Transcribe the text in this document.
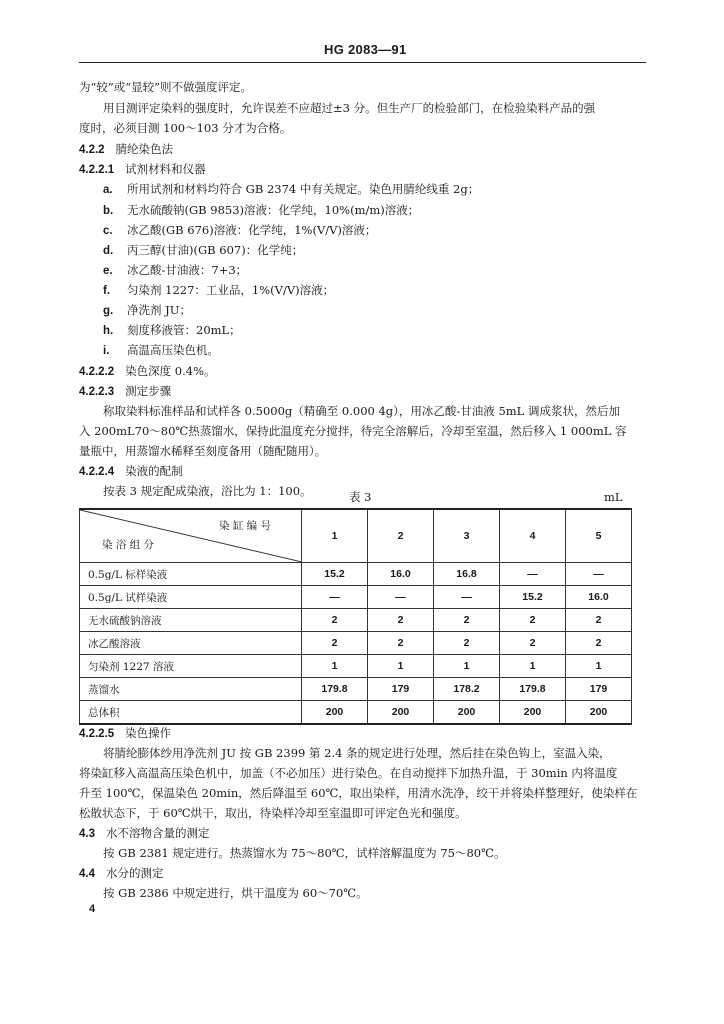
HG 2083—91
为“较”或“显较”则不做强度评定。
用目测评定染料的强度时，允许误差不应超过±3 分。但生产厂的检验部门，在检验染料产品的强
度时，必须目测 100～103 分才为合格。
4.2.2 腈纶染色法
4.2.2.1 试剂材料和仪器
a. 所用试剂和材料均符合 GB 2374 中有关规定。染色用腈纶线重 2g；
b. 无水硫酸钠(GB 9853)溶液：化学纯，10%(m/m)溶液；
c. 冰乙酸(GB 676)溶液：化学纯，1%(V/V)溶液；
d. 丙三醇(甘油)(GB 607)：化学纯；
e. 冰乙酸-甘油液：7+3；
f. 匀染剂 1227：工业品，1%(V/V)溶液；
g. 净洗剂 JU；
h. 刻度移液管：20mL；
i. 高温高压染色机。
4.2.2.2 染色深度 0.4%。
4.2.2.3 测定步骤
称取染料标准样品和试样各 0.5000g（精确至 0.000 4g），用冰乙酸-甘油液 5mL 调成浆状，然后加
入 200mL70～80℃热蒸馏水，保持此温度充分搅拌，待完全溶解后，冷却至室温，然后移入 1 000mL 容
量瓶中，用蒸馏水稀释至刻度备用（随配随用）。
4.2.2.4 染液的配制
按表 3 规定配成染液，浴比为 1：100。	表 3	mL
染 缸 编 号
染 浴 组 分	1	2	3	4	5
0.5g/L 标样染液	15.2	16.0	16.8	—	—
0.5g/L 试样染液	—	—	—	15.2	16.0
无水硫酸钠溶液	2	2	2	2	2
冰乙酸溶液	2	2	2	2	2
匀染剂 1227 溶液	1	1	1	1	1
蒸馏水	179.8	179	178.2	179.8	179
总体积	200	200	200	200	200
4.2.2.5 染色操作
将腈纶膨体纱用净洗剂 JU 按 GB 2399 第 2.4 条的规定进行处理，然后挂在染色钩上，室温入染，
将染缸移入高温高压染色机中，加盖（不必加压）进行染色。在自动搅拌下加热升温，于 30min 内将温度
升至 100℃，保温染色 20min，然后降温至 60℃，取出染样，用清水洗净，绞干并将染样整理好，使染样在
松散状态下，于 60℃烘干，取出，待染样冷却至室温即可评定色光和强度。
4.3 水不溶物含量的测定
按 GB 2381 规定进行。热蒸馏水为 75～80℃，试样溶解温度为 75～80℃。
4.4 水分的测定
按 GB 2386 中规定进行，烘干温度为 60～70℃。
4
